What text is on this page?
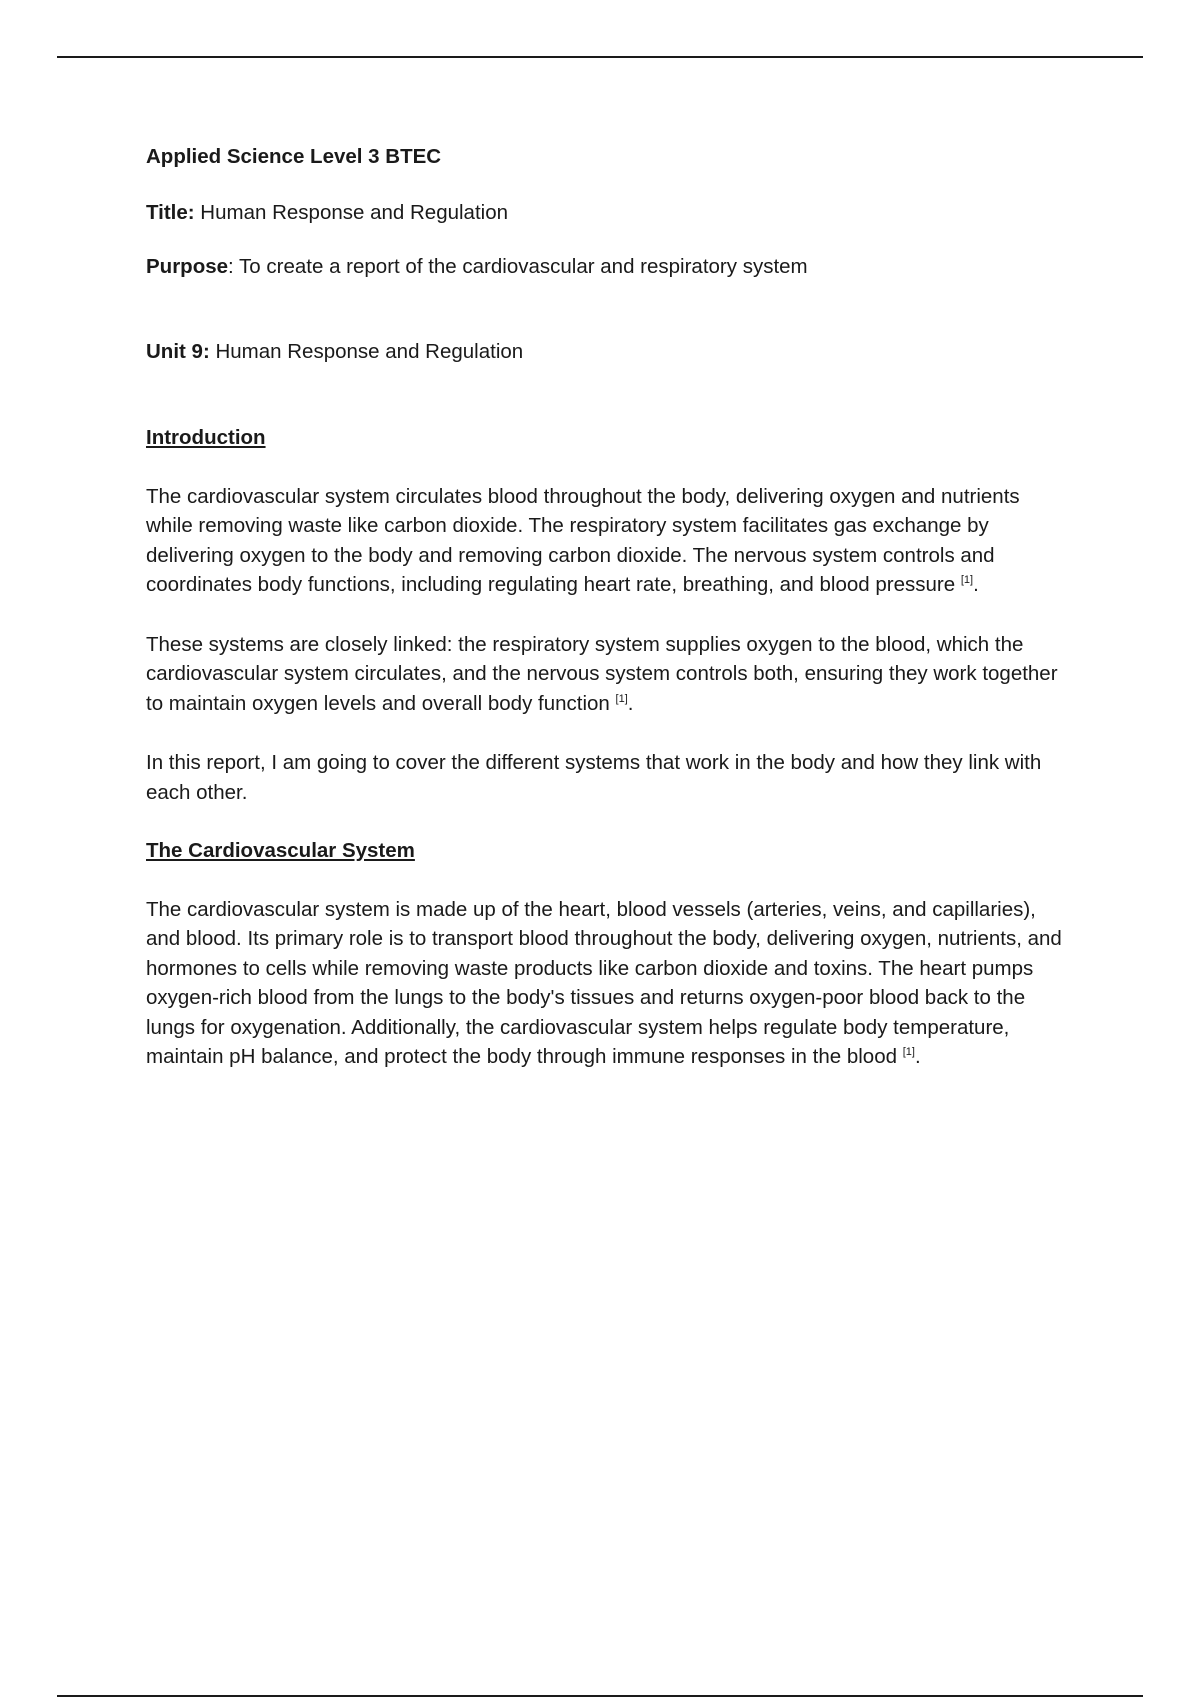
Applied Science Level 3 BTEC

Title: Human Response and Regulation

Purpose: To create a report of the cardiovascular and respiratory system

Unit 9: Human Response and Regulation

Introduction

The cardiovascular system circulates blood throughout the body, delivering oxygen and nutrients while removing waste like carbon dioxide. The respiratory system facilitates gas exchange by delivering oxygen to the body and removing carbon dioxide. The nervous system controls and coordinates body functions, including regulating heart rate, breathing, and blood pressure [1].

These systems are closely linked: the respiratory system supplies oxygen to the blood, which the cardiovascular system circulates, and the nervous system controls both, ensuring they work together to maintain oxygen levels and overall body function [1].

In this report, I am going to cover the different systems that work in the body and how they link with each other.

The Cardiovascular System

The cardiovascular system is made up of the heart, blood vessels (arteries, veins, and capillaries), and blood. Its primary role is to transport blood throughout the body, delivering oxygen, nutrients, and hormones to cells while removing waste products like carbon dioxide and toxins. The heart pumps oxygen-rich blood from the lungs to the body's tissues and returns oxygen-poor blood back to the lungs for oxygenation. Additionally, the cardiovascular system helps regulate body temperature, maintain pH balance, and protect the body through immune responses in the blood [1].
